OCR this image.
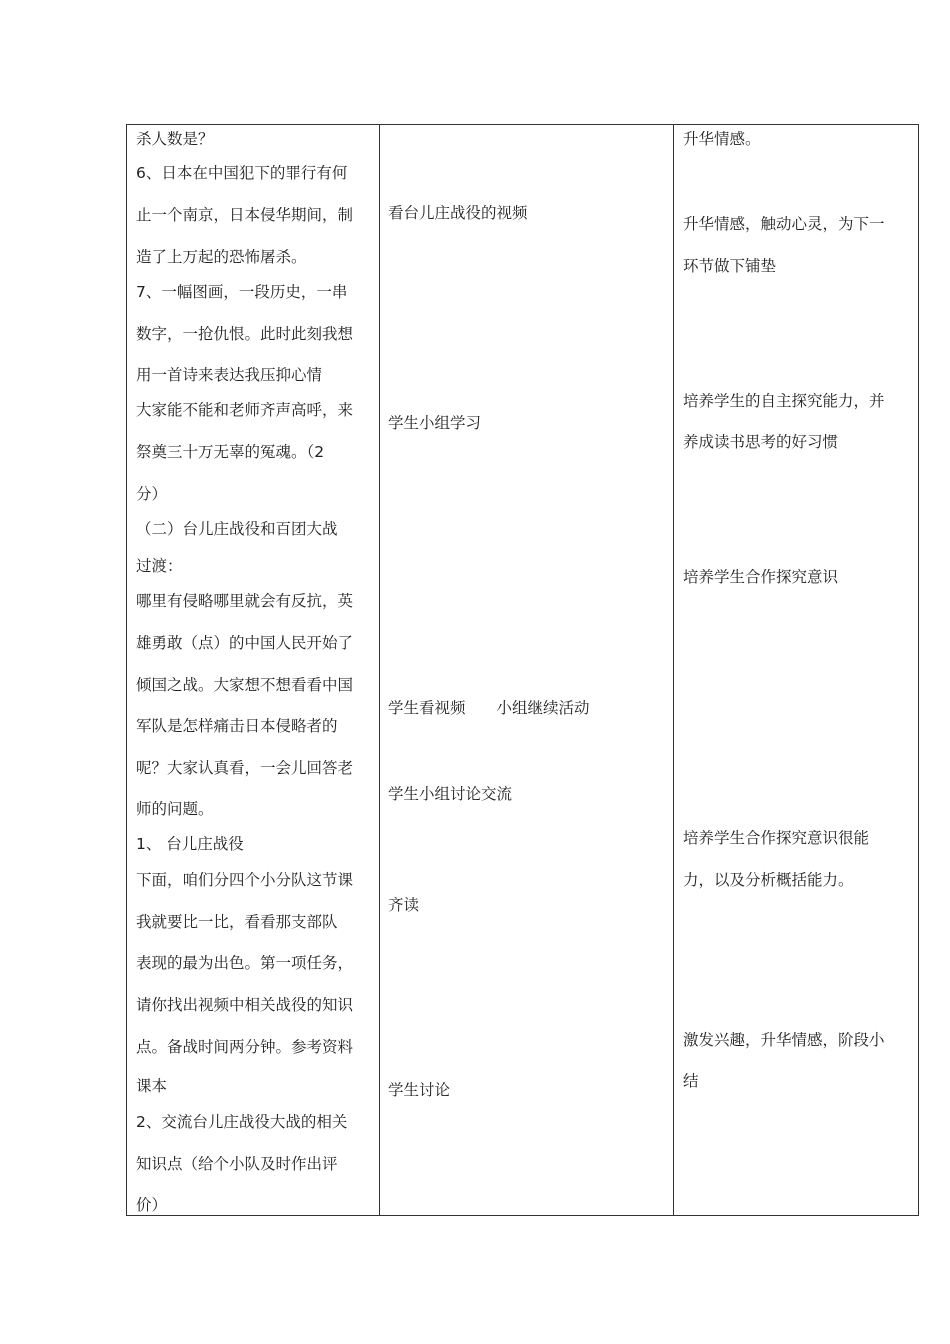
杀人数是？
6、日本在中国犯下的罪行有何
止一个南京，日本侵华期间，制
造了上万起的恐怖屠杀。
7、一幅图画，一段历史，一串
数字，一抢仇恨。此时此刻我想
用一首诗来表达我压抑心情
大家能不能和老师齐声高呼，来
祭奠三十万无辜的冤魂。（2
分）
（二）台儿庄战役和百团大战
过渡：
哪里有侵略哪里就会有反抗，英
雄勇敢（点）的中国人民开始了
倾国之战。大家想不想看看中国
军队是怎样痛击日本侵略者的
呢？大家认真看，一会儿回答老
师的问题。
1、 台儿庄战役
下面，咱们分四个小分队这节课
我就要比一比，看看那支部队
表现的最为出色。第一项任务，
请你找出视频中相关战役的知识
点。备战时间两分钟。参考资料
课本
2、交流台儿庄战役大战的相关
知识点（给个小队及时作出评
价）
看台儿庄战役的视频
学生小组学习
学生看视频　　小组继续活动
学生小组讨论交流
齐读
学生讨论
升华情感。
升华情感，触动心灵，为下一
环节做下铺垫
培养学生的自主探究能力，并
养成读书思考的好习惯
培养学生合作探究意识
培养学生合作探究意识很能
力，以及分析概括能力。
激发兴趣，升华情感，阶段小
结
